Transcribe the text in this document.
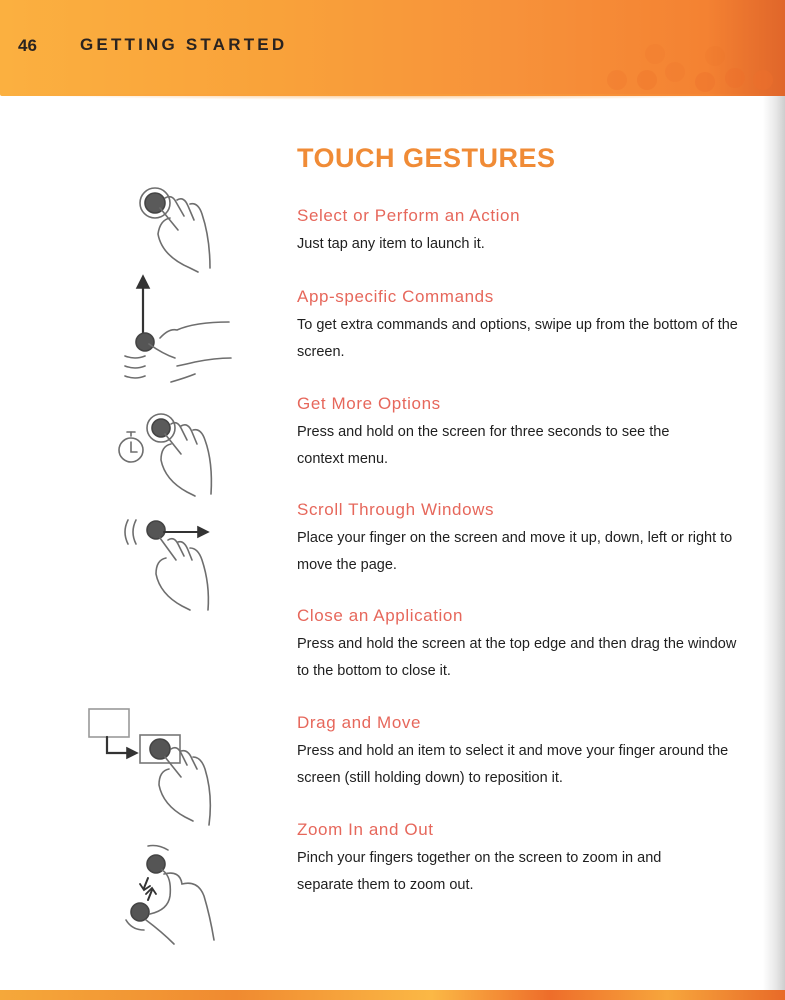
46	GETTING STARTED
TOUCH GESTURES
Select or Perform an Action
Just tap any item to launch it.
App-specific Commands
To get extra commands and options, swipe up from the bottom of the screen.
Get More Options
Press and hold on the screen for three seconds to see the context menu.
Scroll Through Windows
Place your finger on the screen and move it up, down, left or right to move the page.
Close an Application
Press and hold the screen at the top edge and then drag the window to the bottom to close it.
Drag and Move
Press and hold an item to select it and move your finger around the screen (still holding down) to reposition it.
Zoom In and Out
Pinch your fingers together on the screen to zoom in and separate them to zoom out.
